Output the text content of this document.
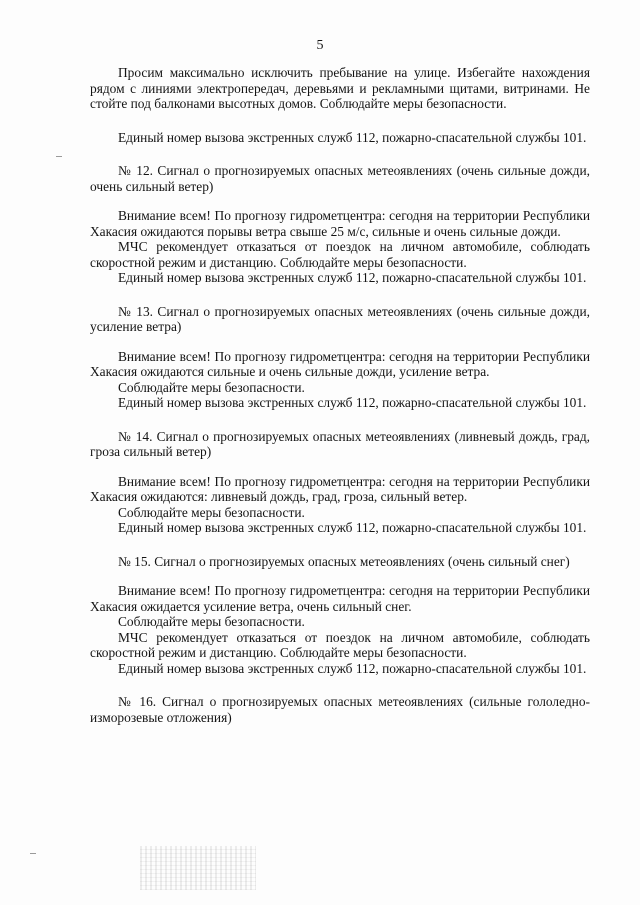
5

Просим максимально исключить пребывание на улице. Избегайте нахождения рядом с линиями электропередач, деревьями и рекламными щитами, витринами. Не стойте под балконами высотных домов. Соблюдайте меры безопасности.

Единый номер вызова экстренных служб 112, пожарно-спасательной службы 101.

№ 12. Сигнал о прогнозируемых опасных метеоявлениях (очень сильные дожди, очень сильный ветер)

Внимание всем! По прогнозу гидрометцентра: сегодня на территории Республики Хакасия ожидаются порывы ветра свыше 25 м/с, сильные и очень сильные дожди.

МЧС рекомендует отказаться от поездок на личном автомобиле, соблюдать скоростной режим и дистанцию. Соблюдайте меры безопасности.

Единый номер вызова экстренных служб 112, пожарно-спасательной службы 101.

№ 13. Сигнал о прогнозируемых опасных метеоявлениях (очень сильные дожди, усиление ветра)

Внимание всем! По прогнозу гидрометцентра: сегодня на территории Республики Хакасия ожидаются сильные и очень сильные дожди, усиление ветра.

Соблюдайте меры безопасности.

Единый номер вызова экстренных служб 112, пожарно-спасательной службы 101.

№ 14. Сигнал о прогнозируемых опасных метеоявлениях (ливневый дождь, град, гроза сильный ветер)

Внимание всем! По прогнозу гидрометцентра: сегодня на территории Республики Хакасия ожидаются: ливневый дождь, град, гроза, сильный ветер.

Соблюдайте меры безопасности.

Единый номер вызова экстренных служб 112, пожарно-спасательной службы 101.

№ 15. Сигнал о прогнозируемых опасных метеоявлениях (очень сильный снег)

Внимание всем! По прогнозу гидрометцентра: сегодня на территории Республики Хакасия ожидается усиление ветра, очень сильный снег.

Соблюдайте меры безопасности.

МЧС рекомендует отказаться от поездок на личном автомобиле, соблюдать скоростной режим и дистанцию. Соблюдайте меры безопасности.

Единый номер вызова экстренных служб 112, пожарно-спасательной службы 101.

№ 16. Сигнал о прогнозируемых опасных метеоявлениях (сильные гололедно-изморозевые отложения)
